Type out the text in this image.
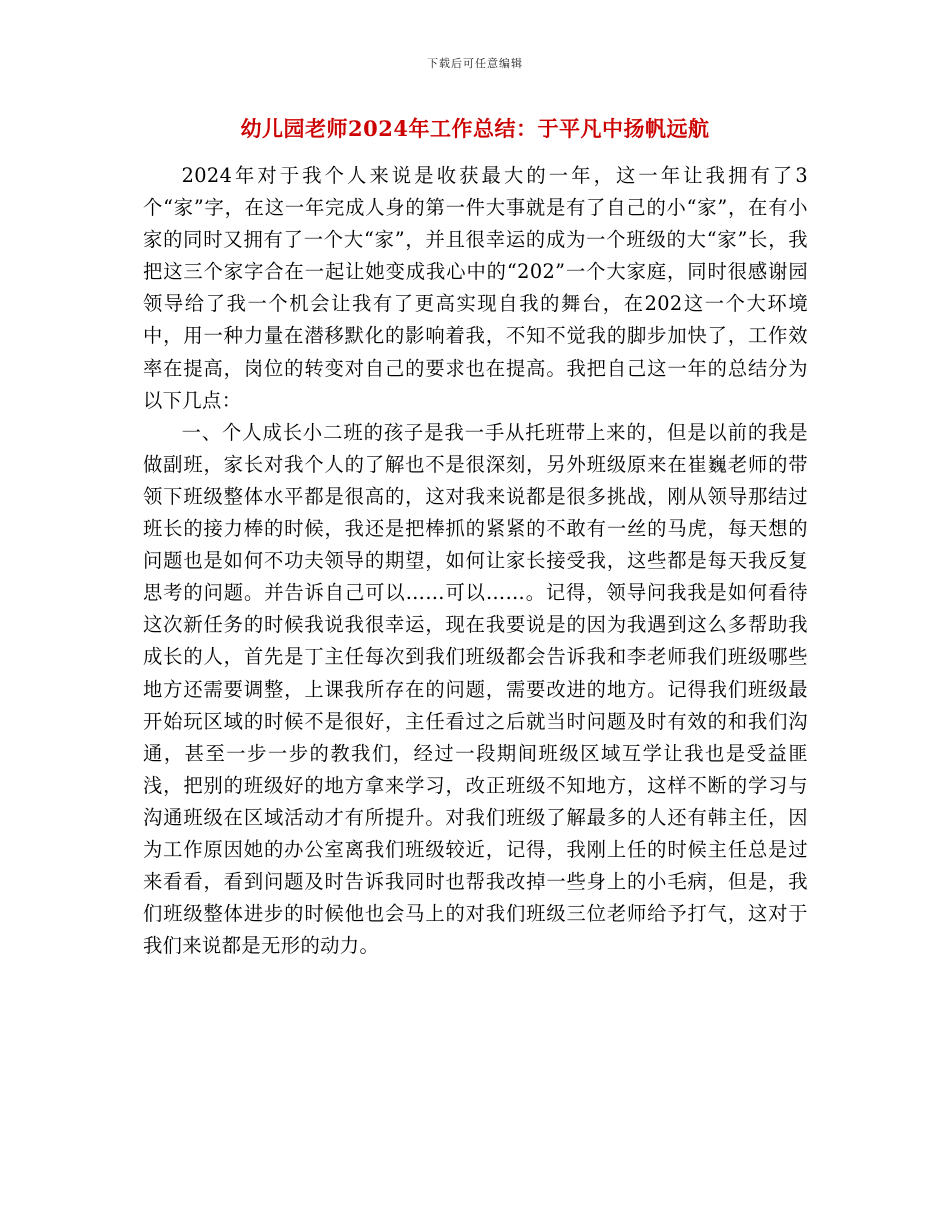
下载后可任意编辑
幼儿园老师2024年工作总结：于平凡中扬帆远航

2024年对于我个人来说是收获最大的一年，这一年让我拥有了3个“家”字，在这一年完成人身的第一件大事就是有了自己的小“家”，在有小家的同时又拥有了一个大“家”，并且很幸运的成为一个班级的大“家”长，我把这三个家字合在一起让她变成我心中的“202”一个大家庭，同时很感谢园领导给了我一个机会让我有了更高实现自我的舞台，在202这一个大环境中，用一种力量在潜移默化的影响着我，不知不觉我的脚步加快了，工作效率在提高，岗位的转变对自己的要求也在提高。我把自己这一年的总结分为以下几点：

一、个人成长小二班的孩子是我一手从托班带上来的，但是以前的我是做副班，家长对我个人的了解也不是很深刻，另外班级原来在崔巍老师的带领下班级整体水平都是很高的，这对我来说都是很多挑战，刚从领导那结过班长的接力棒的时候，我还是把棒抓的紧紧的不敢有一丝的马虎，每天想的问题也是如何不功夫领导的期望，如何让家长接受我，这些都是每天我反复思考的问题。并告诉自己可以……可以……。记得，领导问我我是如何看待这次新任务的时候我说我很幸运，现在我要说是的因为我遇到这么多帮助我成长的人，首先是丁主任每次到我们班级都会告诉我和李老师我们班级哪些地方还需要调整，上课我所存在的问题，需要改进的地方。记得我们班级最开始玩区域的时候不是很好，主任看过之后就当时问题及时有效的和我们沟通，甚至一步一步的教我们，经过一段期间班级区域互学让我也是受益匪浅，把别的班级好的地方拿来学习，改正班级不知地方，这样不断的学习与沟通班级在区域活动才有所提升。对我们班级了解最多的人还有韩主任，因为工作原因她的办公室离我们班级较近，记得，我刚上任的时候主任总是过来看看，看到问题及时告诉我同时也帮我改掉一些身上的小毛病，但是，我们班级整体进步的时候他也会马上的对我们班级三位老师给予打气，这对于我们来说都是无形的动力。
